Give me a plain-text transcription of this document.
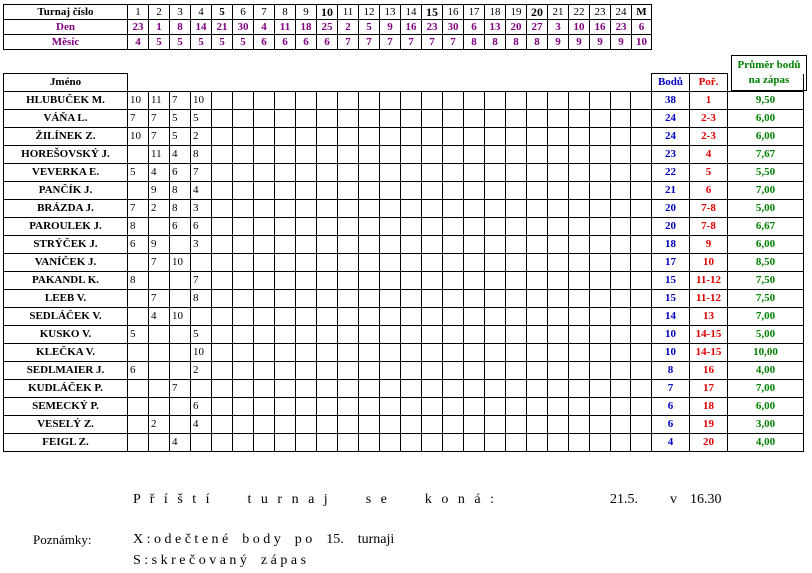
Turnaj číslo	1	2	3	4	5	6	7	8	9	10	11	12	13	14	15	16	17	18	19	20	21	22	23	24	M
Den	23	1	8	14	21	30	4	11	18	25	2	5	9	16	23	30	6	13	20	27	3	10	16	23	6
Měsíc	4	5	5	5	5	5	6	6	6	6	7	7	7	7	7	7	8	8	8	8	9	9	9	9	10
Průměr bodů
na zápas
Jméno																										Bodů	Poř.	
HLUBUČEK M.	10	11	7	10																						38	1	9,50
VÁŇA L.	7	7	5	5																						24	2-3	6,00
ŽILÍNEK Z.	10	7	5	2																						24	2-3	6,00
HOREŠOVSKÝ J.		11	4	8																						23	4	7,67
VEVERKA E.	5	4	6	7																						22	5	5,50
PANČÍK J.		9	8	4																						21	6	7,00
BRÁZDA J.	7	2	8	3																						20	7-8	5,00
PAROULEK J.	8		6	6																						20	7-8	6,67
STRÝČEK J.	6	9		3																						18	9	6,00
VANÍČEK J.		7	10																							17	10	8,50
PAKANDL K.	8			7																						15	11-12	7,50
LEEB V.		7		8																						15	11-12	7,50
SEDLÁČEK V.		4	10																							14	13	7,00
KUSKO V.	5			5																						10	14-15	5,00
KLEČKA V.				10																						10	14-15	10,00
SEDLMAIER J.	6			2																						8	16	4,00
KUDLÁČEK P.			7																							7	17	7,00
SEMECKÝ P.				6																						6	18	6,00
VESELÝ Z.		2		4																						6	19	3,00
FEIGL Z.			4																							4	20	4,00
P ř í š t í    t u r n a j    s e    k o n á :	21.5. v 16.30
Poznámky:	X : o d e č t e n é    b o d y    p o    15.    turnaji
S : s k r e č o v a n ý    z á p a s
